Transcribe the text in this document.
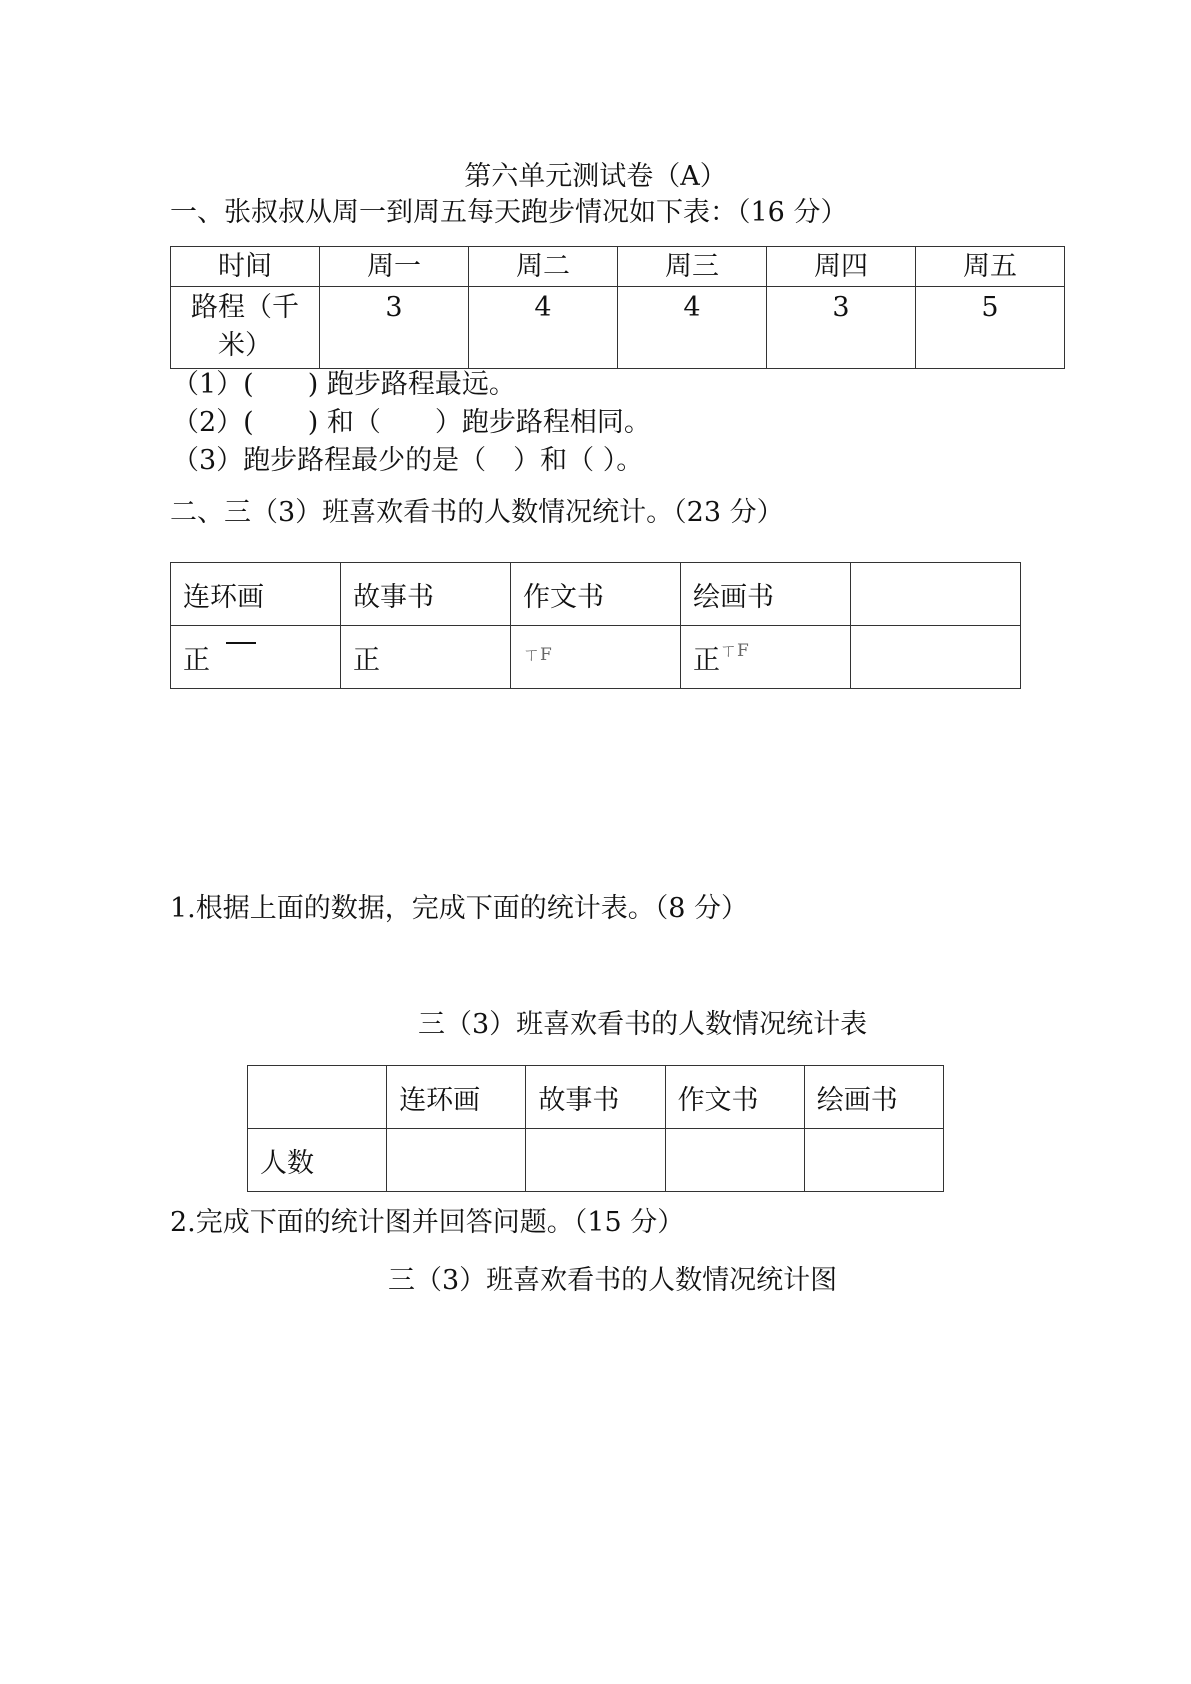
第六单元测试卷（A）
一、张叔叔从周一到周五每天跑步情况如下表：（16 分）
时间	周一	周二	周三	周四	周五
路程（千米）	3	4	4	3	5
（1）(　　) 跑步路程最远。
（2）(　　) 和（　　）跑步路程相同。
（3）跑步路程最少的是（　）和（ ）。
二、三（3）班喜欢看书的人数情况统计。（23 分）
连环画	故事书	作文书	绘画书	
正	正	ㄒF	正ㄒF	
1.根据上面的数据，完成下面的统计表。（8 分）
三（3）班喜欢看书的人数情况统计表
	连环画	故事书	作文书	绘画书
人数				
2.完成下面的统计图并回答问题。（15 分）
三（3）班喜欢看书的人数情况统计图
